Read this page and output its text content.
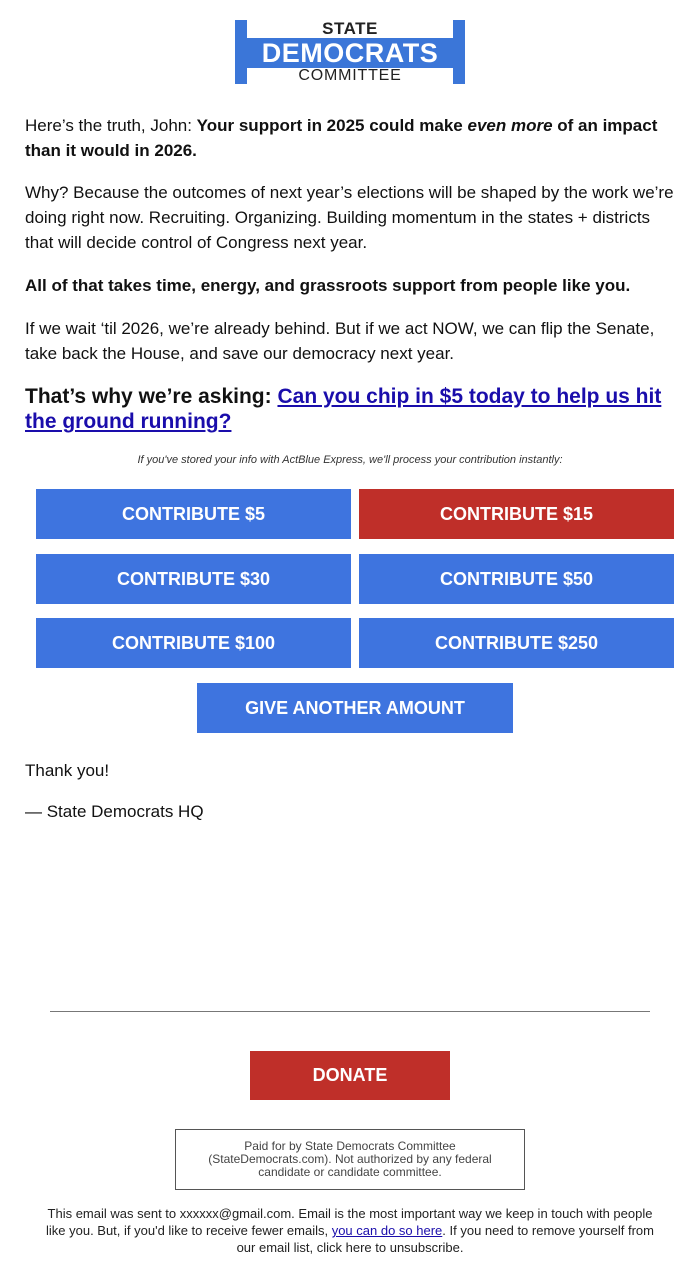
STATE
DEMOCRATS
COMMITTEE

Here’s the truth, John: Your support in 2025 could make even more of an impact than it would in 2026.

Why? Because the outcomes of next year’s elections will be shaped by the work we’re doing right now. Recruiting. Organizing. Building momentum in the states + districts that will decide control of Congress next year.

All of that takes time, energy, and grassroots support from people like you.

If we wait ‘til 2026, we’re already behind. But if we act NOW, we can flip the Senate, take back the House, and save our democracy next year.

That’s why we’re asking: Can you chip in $5 today to help us hit the ground running?

If you've stored your info with ActBlue Express, we'll process your contribution instantly:
CONTRIBUTE $5	CONTRIBUTE $15
CONTRIBUTE $30	CONTRIBUTE $50
CONTRIBUTE $100	CONTRIBUTE $250
GIVE ANOTHER AMOUNT
Thank you!
— State Democrats HQ
DONATE
Paid for by State Democrats Committee (StateDemocrats.com). Not authorized by any federal candidate or candidate committee.
This email was sent to xxxxxx@gmail.com. Email is the most important way we keep in touch with people like you. But, if you'd like to receive fewer emails, you can do so here. If you need to remove yourself from our email list, click here to unsubscribe.
